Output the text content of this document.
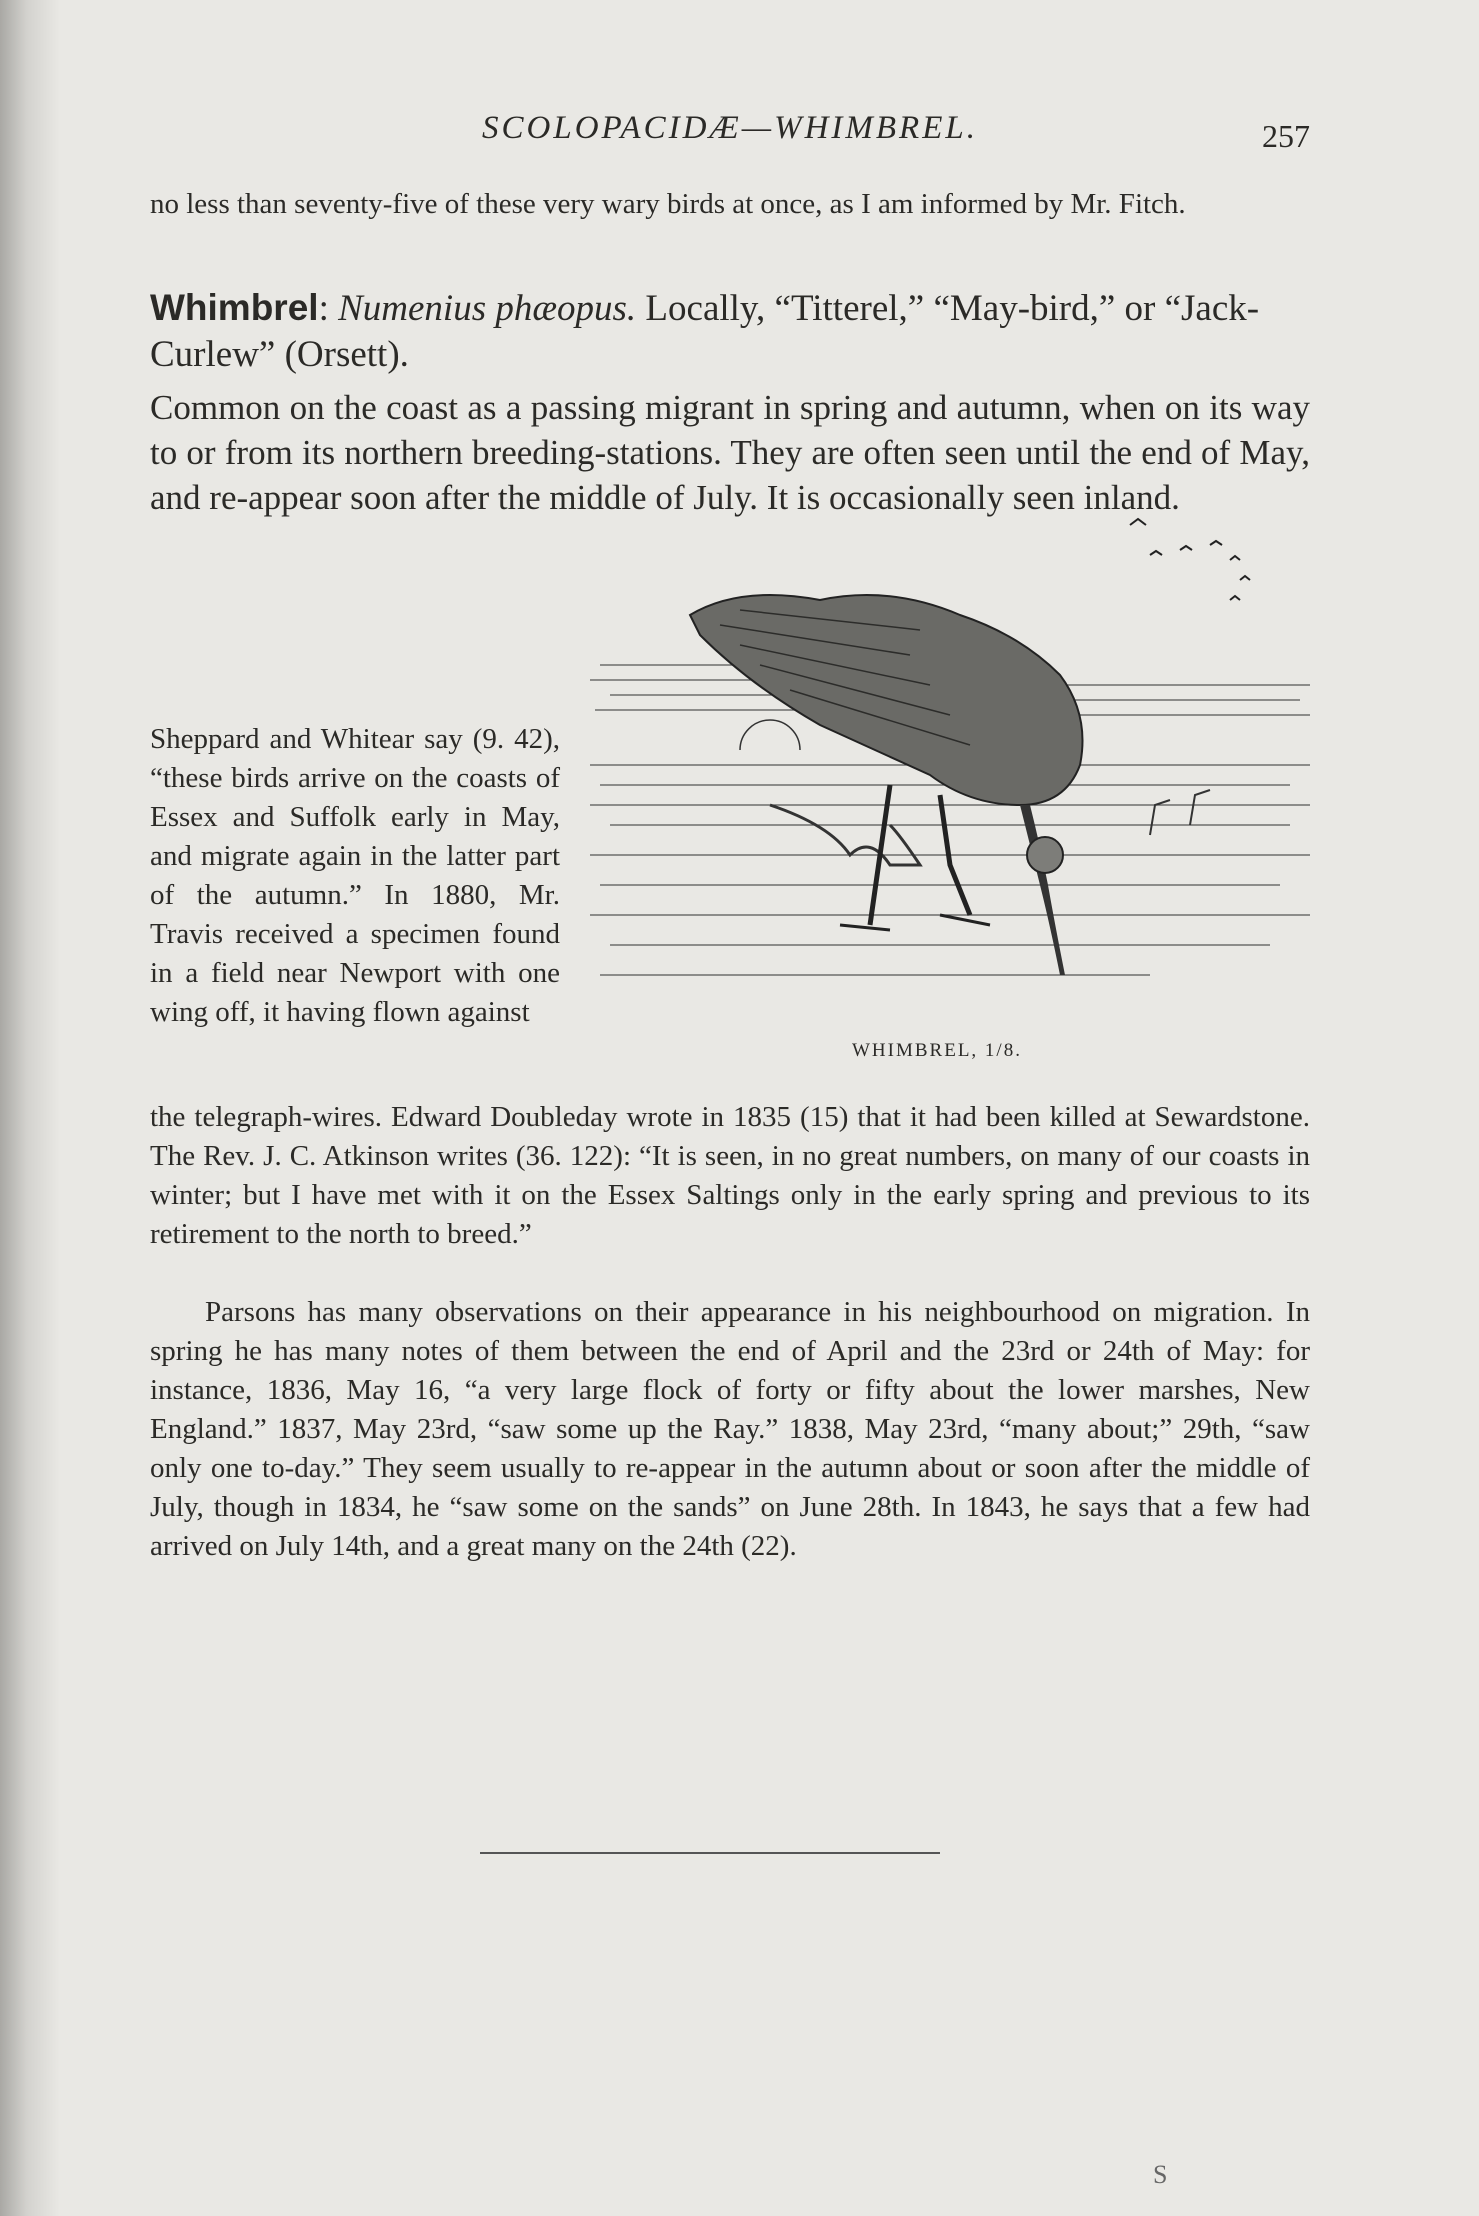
SCOLOPACIDÆ—WHIMBREL.	257
no less than seventy-five of these very wary birds at once, as I am informed by Mr. Fitch.
Whimbrel: Numenius phæopus. Locally, “Titterel,” “May-bird,” or “Jack-Curlew” (Orsett).
Common on the coast as a passing migrant in spring and autumn, when on its way to or from its northern breeding-stations. They are often seen until the end of May, and re-appear soon after the middle of July. It is occasionally seen inland.
WHIMBREL, 1/8.
Sheppard and Whitear say (9. 42), “these birds arrive on the coasts of Essex and Suffolk early in May, and migrate again in the latter part of the autumn.” In 1880, Mr. Travis received a specimen found in a field near Newport with one wing off, it having flown against
the telegraph-wires. Edward Doubleday wrote in 1835 (15) that it had been killed at Sewardstone. The Rev. J. C. Atkinson writes (36. 122): “It is seen, in no great numbers, on many of our coasts in winter; but I have met with it on the Essex Saltings only in the early spring and previous to its retirement to the north to breed.”
Parsons has many observations on their appearance in his neighbourhood on migration. In spring he has many notes of them between the end of April and the 23rd or 24th of May: for instance, 1836, May 16, “a very large flock of forty or fifty about the lower marshes, New England.” 1837, May 23rd, “saw some up the Ray.” 1838, May 23rd, “many about;” 29th, “saw only one to-day.” They seem usually to re-appear in the autumn about or soon after the middle of July, though in 1834, he “saw some on the sands” on June 28th. In 1843, he says that a few had arrived on July 14th, and a great many on the 24th (22).
S
